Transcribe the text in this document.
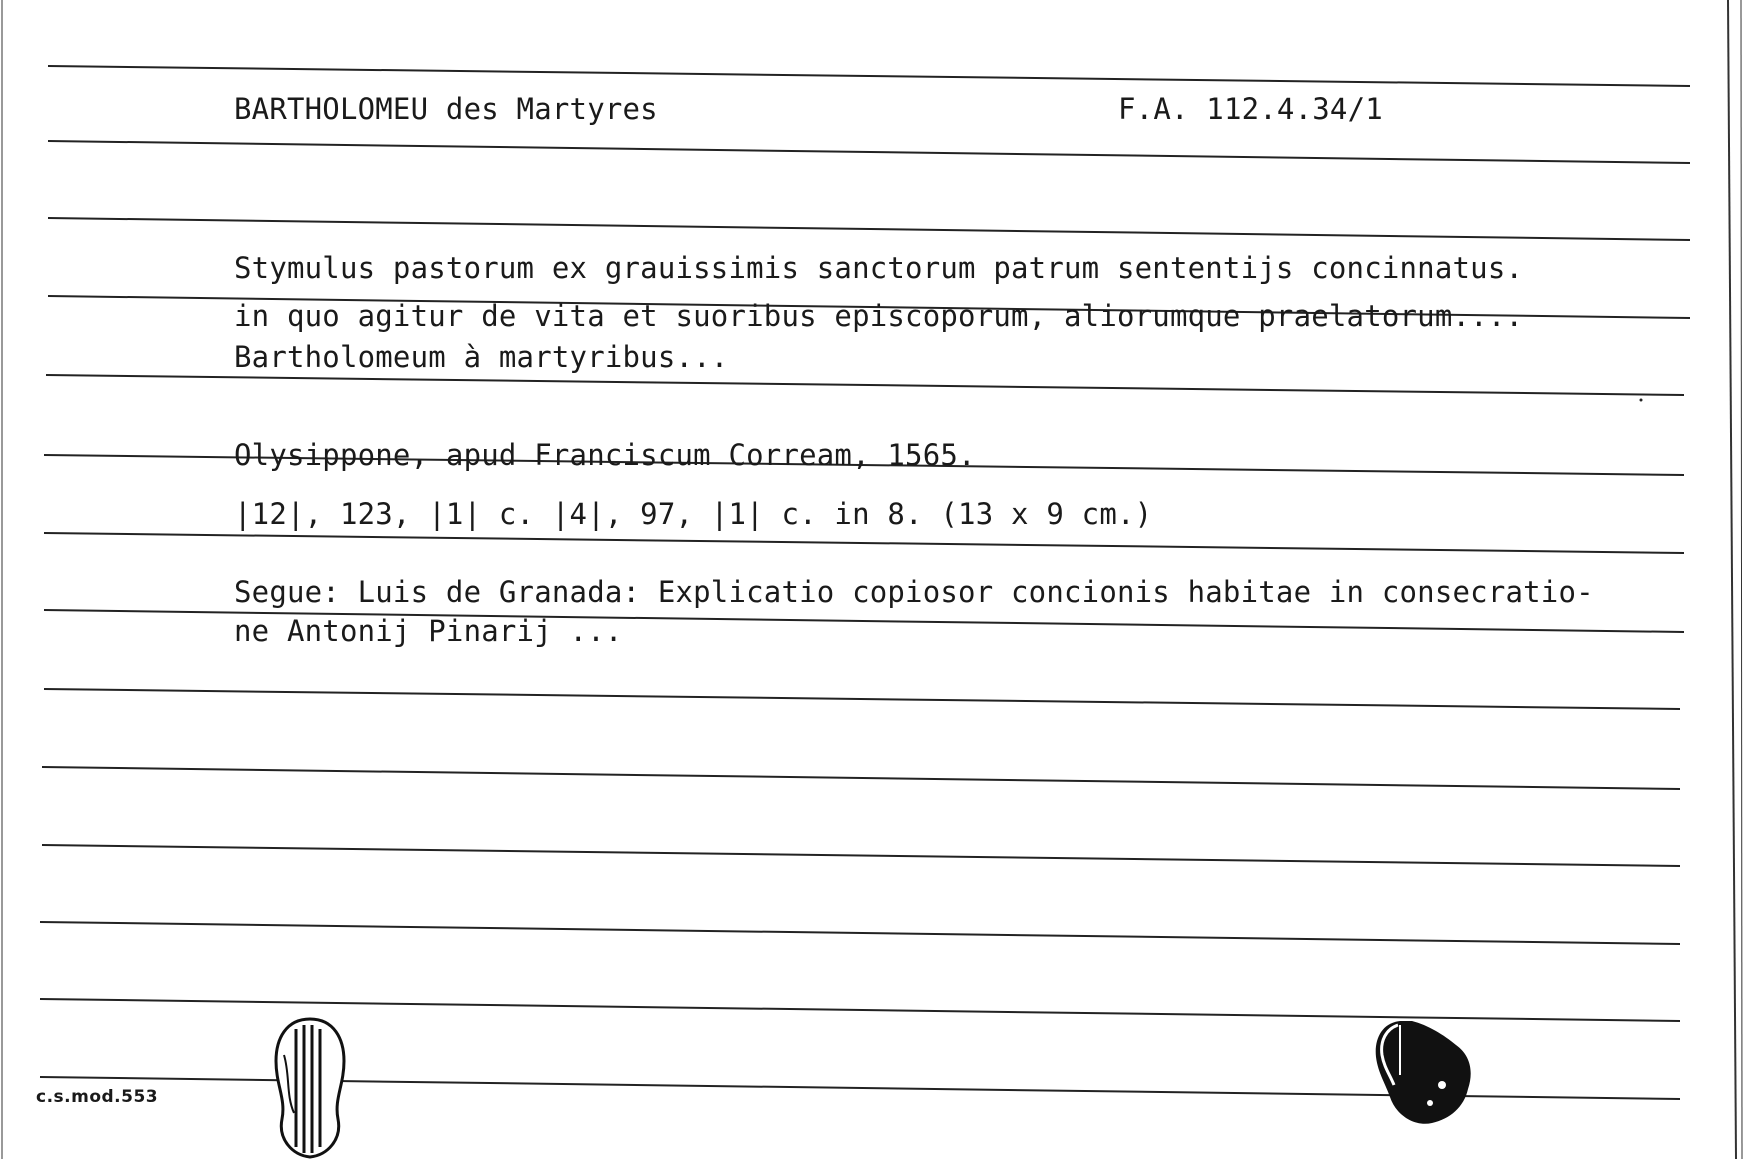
BARTHOLOMEU des Martyres	F.A. 112.4.34/1
Stymulus pastorum ex grauissimis sanctorum patrum sententijs concinnatus.
in quo agitur de vita et suoribus episcoporum, aliorumque praelatorum....
Bartholomeum à martyribus...
Olysippone, apud Franciscum Corream, 1565.
|12|, 123, |1| c. |4|, 97, |1| c. in 8. (13 x 9 cm.)
Segue: Luis de Granada: Explicatio copiosor concionis habitae in consecratio-
ne Antonij Pinarij ...
c.s.mod.553
